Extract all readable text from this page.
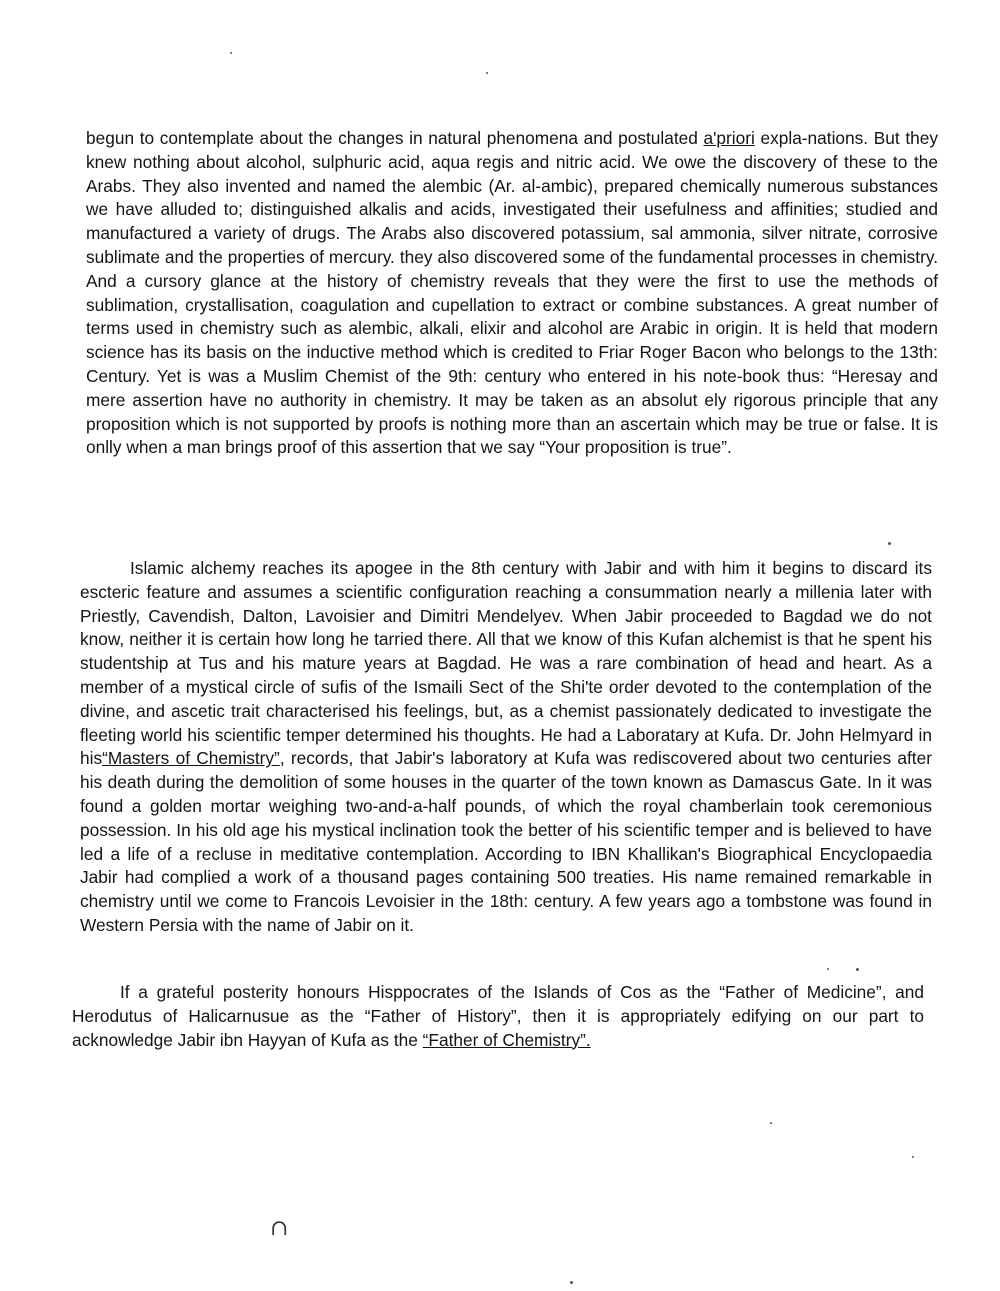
begun to contemplate about the changes in natural phenomena and postulated a'priori expla-nations. But they knew nothing about alcohol, sulphuric acid, aqua regis and nitric acid. We owe the discovery of these to the Arabs. They also invented and named the alembic (Ar. al-ambic), prepared chemically numerous substances we have alluded to; distinguished alkalis and acids, investigated their usefulness and affinities; studied and manufactured a variety of drugs. The Arabs also discovered potassium, sal ammonia, silver nitrate, corrosive sublimate and the properties of mercury. they also discovered some of the fundamental processes in chemistry. And a cursory glance at the history of chemistry reveals that they were the first to use the methods of sublimation, crystallisation, coagulation and cupellation to extract or combine substances. A great number of terms used in chemistry such as alembic, alkali, elixir and alcohol are Arabic in origin. It is held that modern science has its basis on the inductive method which is credited to Friar Roger Bacon who belongs to the 13th: Century. Yet is was a Muslim Chemist of the 9th: century who entered in his note-book thus: “Heresay and mere assertion have no authority in chemistry. It may be taken as an absolut ely rigorous principle that any proposition which is not supported by proofs is nothing more than an ascertain which may be true or false. It is onlly when a man brings proof of this assertion that we say “Your proposition is true”.

Islamic alchemy reaches its apogee in the 8th century with Jabir and with him it begins to discard its escteric feature and assumes a scientific configuration reaching a consummation nearly a millenia later with Priestly, Cavendish, Dalton, Lavoisier and Dimitri Mendelyev. When Jabir proceeded to Bagdad we do not know, neither it is certain how long he tarried there. All that we know of this Kufan alchemist is that he spent his studentship at Tus and his mature years at Bagdad. He was a rare combination of head and heart. As a member of a mystical circle of sufis of the Ismaili Sect of the Shi'te order devoted to the contemplation of the divine, and ascetic trait characterised his feelings, but, as a chemist passionately dedicated to investigate the fleeting world his scientific temper determined his thoughts. He had a Laboratary at Kufa. Dr. John Helmyard in his“Masters of Chemistry”, records, that Jabir's laboratory at Kufa was rediscovered about two centuries after his death during the demolition of some houses in the quarter of the town known as Damascus Gate. In it was found a golden mortar weighing two-and-a-half pounds, of which the royal chamberlain took ceremonious possession. In his old age his mystical inclination took the better of his scientific temper and is believed to have led a life of a recluse in meditative contemplation. According to IBN Khallikan's Biographical Encyclopaedia Jabir had complied a work of a thousand pages containing 500 treaties. His name remained remarkable in chemistry until we come to Francois Levoisier in the 18th: century. A few years ago a tombstone was found in Western Persia with the name of Jabir on it.

If a grateful posterity honours Hisppocrates of the Islands of Cos as the “Father of Medicine”, and Herodutus of Halicarnusue as the “Father of History”, then it is appropriately edifying on our part to acknowledge Jabir ibn Hayyan of Kufa as the “Father of Chemistry”.

∩
